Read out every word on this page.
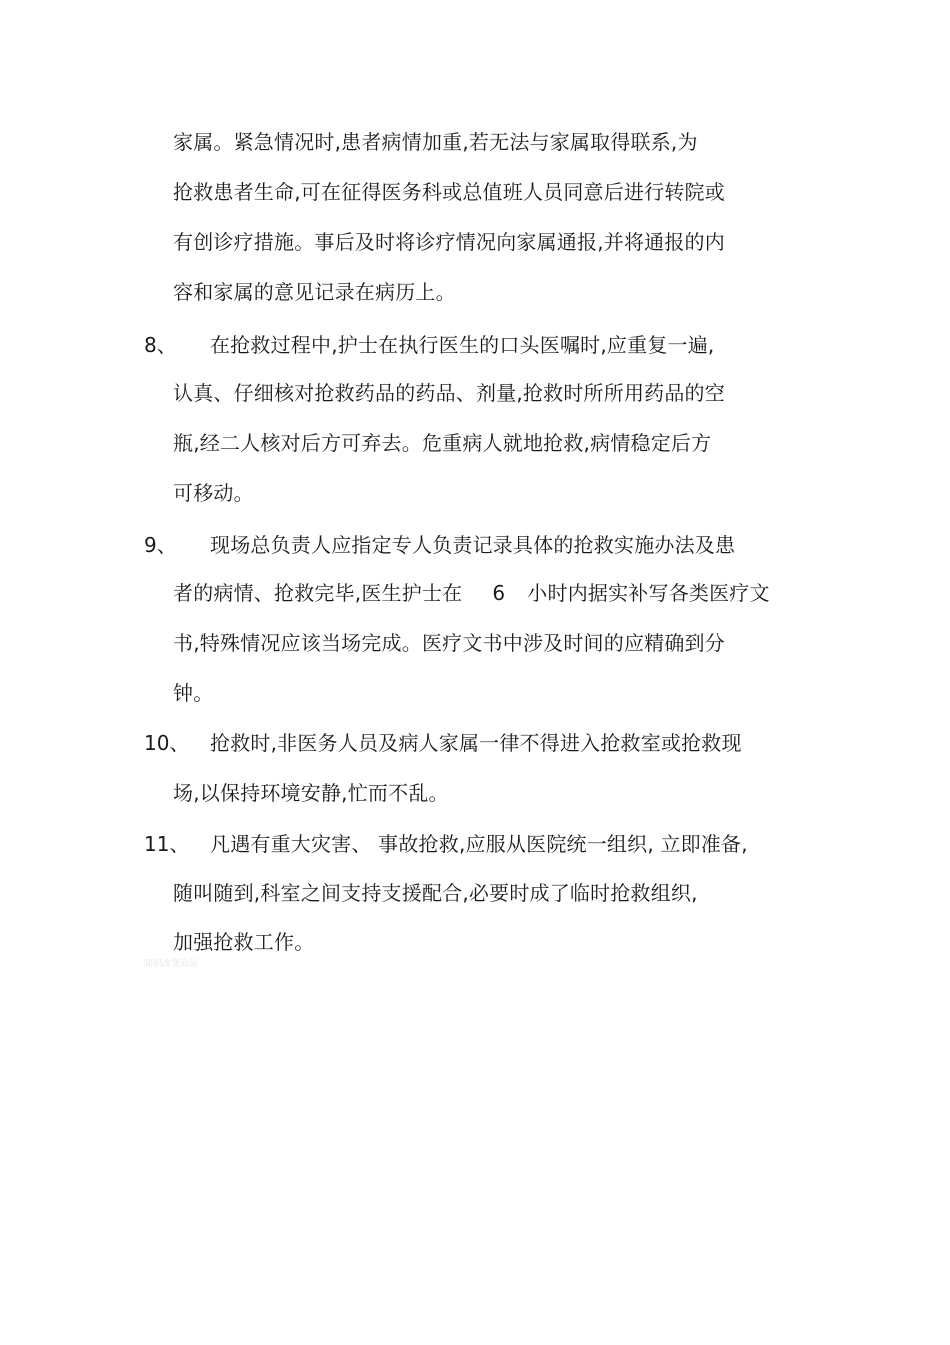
家属。紧急情况时,患者病情加重,若无法与家属取得联系,为
抢救患者生命,可在征得医务科或总值班人员同意后进行转院或
有创诊疗措施。事后及时将诊疗情况向家属通报,并将通报的内
容和家属的意见记录在病历上。
8、 在抢救过程中,护士在执行医生的口头医嘱时,应重复一遍,
认真、仔细核对抢救药品的药品、剂量,抢救时所所用药品的空
瓶,经二人核对后方可弃去。危重病人就地抢救,病情稳定后方
可移动。
9、 现场总负责人应指定专人负责记录具体的抢救实施办法及患
者的病情、抢救完毕,医生护士在 6 小时内据实补写各类医疗文
书,特殊情况应该当场完成。医疗文书中涉及时间的应精确到分
钟。
10、 抢救时,非医务人员及病人家属一律不得进入抢救室或抢救现
场,以保持环境安静,忙而不乱。
11、 凡遇有重大灾害、 事故抢救,应服从医院统一组织, 立即准备,
随叫随到,科室之间支持支援配合,必要时成了临时抢救组织,
加强抢救工作。
知识改变命运
